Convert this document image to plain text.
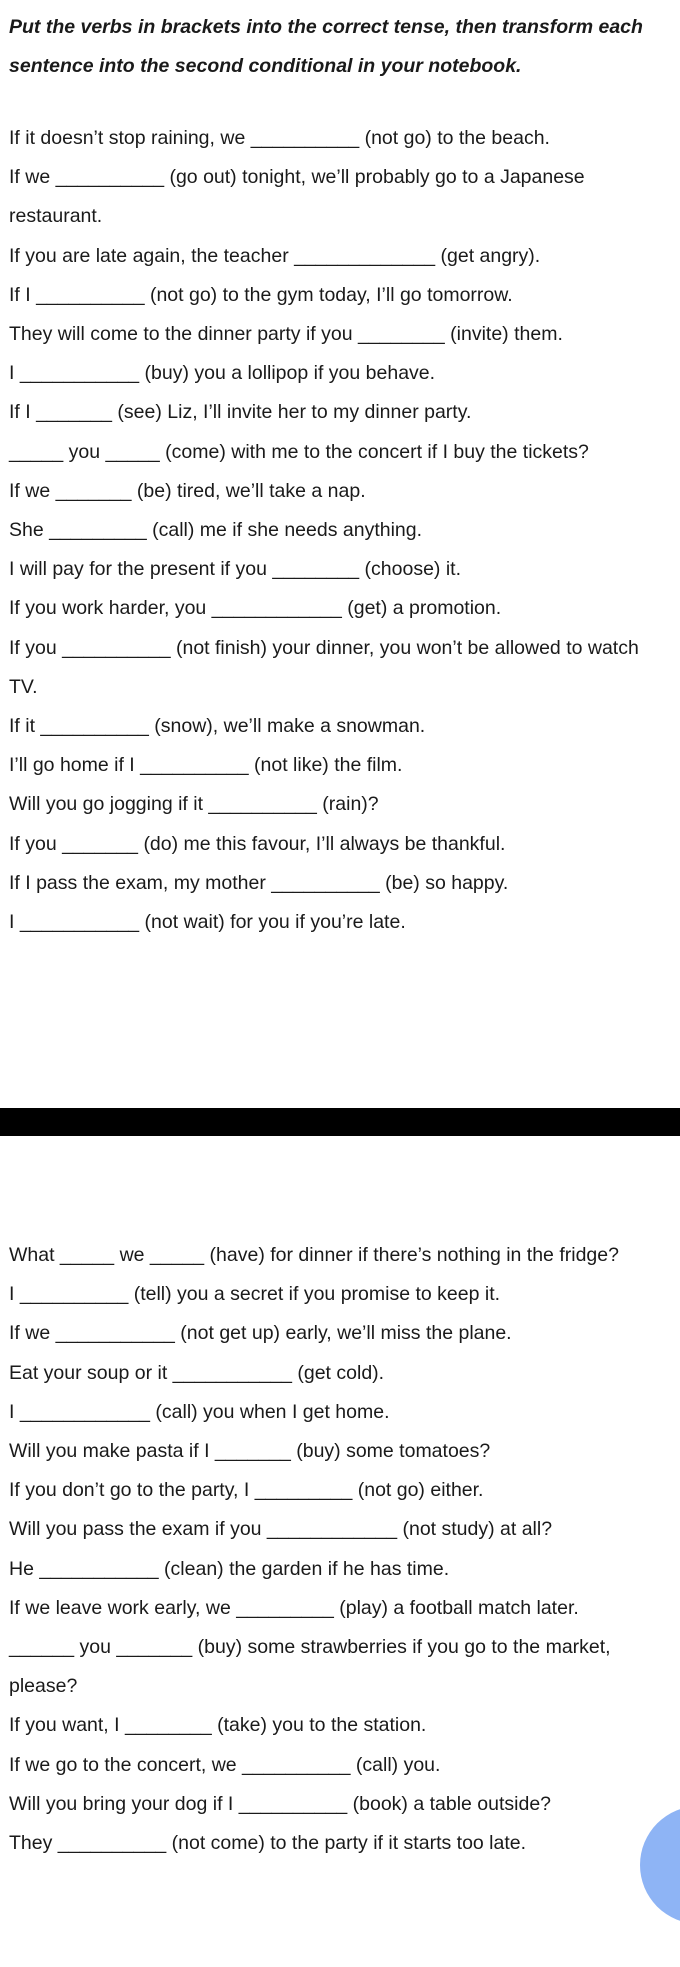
Put the verbs in brackets into the correct tense, then transform each sentence into the second conditional in your notebook.

If it doesn’t stop raining, we __________ (not go) to the beach.
If we __________ (go out) tonight, we’ll probably go to a Japanese restaurant.
If you are late again, the teacher _____________ (get angry).
If I __________ (not go) to the gym today, I’ll go tomorrow.
They will come to the dinner party if you ________ (invite) them.
I ___________ (buy) you a lollipop if you behave.
If I _______ (see) Liz, I’ll invite her to my dinner party.
_____ you _____ (come) with me to the concert if I buy the tickets?
If we _______ (be) tired, we’ll take a nap.
She _________ (call) me if she needs anything.
I will pay for the present if you ________ (choose) it.
If you work harder, you ____________ (get) a promotion.
If you __________ (not finish) your dinner, you won’t be allowed to watch TV.
If it __________ (snow), we’ll make a snowman.
I’ll go home if I __________ (not like) the film.
Will you go jogging if it __________ (rain)?
If you _______ (do) me this favour, I’ll always be thankful.
If I pass the exam, my mother __________ (be) so happy.
I ___________ (not wait) for you if you’re late.
What _____ we _____ (have) for dinner if there’s nothing in the fridge?
I __________ (tell) you a secret if you promise to keep it.
If we ___________ (not get up) early, we’ll miss the plane.
Eat your soup or it ___________ (get cold).
I ____________ (call) you when I get home.
Will you make pasta if I _______ (buy) some tomatoes?
If you don’t go to the party, I _________ (not go) either.
Will you pass the exam if you ____________ (not study) at all?
He ___________ (clean) the garden if he has time.
If we leave work early, we _________ (play) a football match later.
______ you _______ (buy) some strawberries if you go to the market, please?
If you want, I ________ (take) you to the station.
If we go to the concert, we __________ (call) you.
Will you bring your dog if I __________ (book) a table outside?
They __________ (not come) to the party if it starts too late.
